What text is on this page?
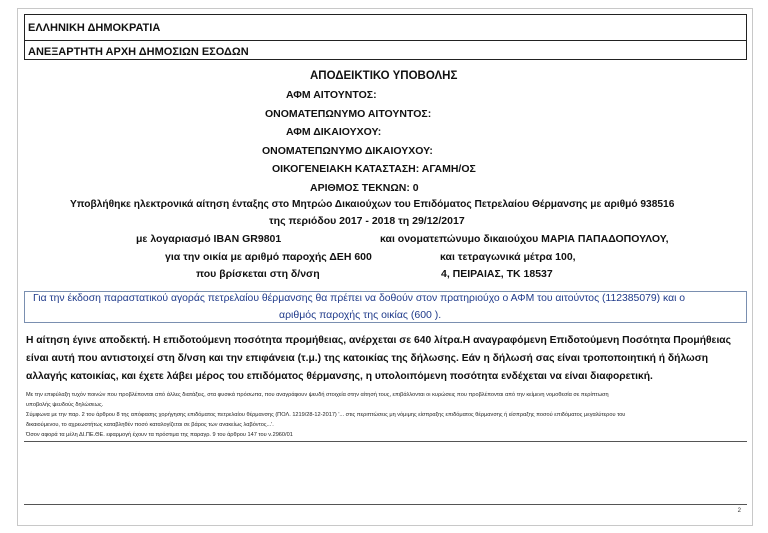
ΕΛΛΗΝΙΚΗ ΔΗΜΟΚΡΑΤΙΑ
ΑΝΕΞΑΡΤΗΤΗ ΑΡΧΗ ΔΗΜΟΣΙΩΝ ΕΣΟΔΩΝ
ΑΠΟΔΕΙΚΤΙΚΟ ΥΠΟΒΟΛΗΣ
ΑΦΜ ΑΙΤΟΥΝΤΟΣ:
ΟΝΟΜΑΤΕΠΩΝΥΜΟ ΑΙΤΟΥΝΤΟΣ:
ΑΦΜ ΔΙΚΑΙΟΥΧΟΥ:
ΟΝΟΜΑΤΕΠΩΝΥΜΟ ΔΙΚΑΙΟΥΧΟΥ:
ΟΙΚΟΓΕΝΕΙΑΚΗ ΚΑΤΑΣΤΑΣΗ: ΑΓΑΜΗ/ΟΣ
ΑΡΙΘΜΟΣ ΤΕΚΝΩΝ: 0
Υποβλήθηκε ηλεκτρονικά αίτηση ένταξης στο Μητρώο Δικαιούχων του Επιδόματος Πετρελαίου Θέρμανσης με αριθμό 938516
της περιόδου 2017 - 2018 τη 29/12/2017
με λογαριασμό IBAN GR9801	και ονοματεπώνυμο δικαιούχου ΜΑΡΙΑ ΠΑΠΑΔΟΠΟΥΛΟΥ,
για την οικία με αριθμό παροχής ΔΕΗ 600	και τετραγωνικά μέτρα 100,
που βρίσκεται στη δ/νση	4, ΠΕΙΡΑΙΑΣ, ΤΚ 18537
Για την έκδοση παραστατικού αγοράς πετρελαίου θέρμανσης θα πρέπει να δοθούν στον πρατηριούχο ο ΑΦΜ του αιτούντος (112385079) και ο
αριθμός παροχής της οικίας (600 ).
Η αίτηση έγινε αποδεκτή. Η επιδοτούμενη ποσότητα προμήθειας, ανέρχεται σε 640 λίτρα.Η αναγραφόμενη Επιδοτούμενη Ποσότητα Προμήθειας
είναι αυτή που αντιστοιχεί στη δ/νση και την επιφάνεια (τ.μ.) της κατοικίας της δήλωσης. Εάν η δήλωσή σας είναι τροποποιητική ή δήλωση
αλλαγής κατοικίας, και έχετε λάβει μέρος του επιδόματος θέρμανσης, η υπολοιπόμενη ποσότητα ενδέχεται να είναι διαφορετική.
Με την επιφύλαξη τυχόν ποινών που προβλέπονται από άλλες διατάξεις, στα φυσικά πρόσωπα, που αναγράφουν ψευδή στοιχεία στην αίτησή τους, επιβάλλονται οι κυρώσεις που προβλέπονται από την κείμενη νομοθεσία σε περίπτωση
υποβολής ψευδούς δηλώσεως.
Σύμφωνα με την παρ. 2 του άρθρου 8 της απόφασης χορήγησης επιδόματος πετρελαίου θέρμανσης (ΠΟΛ. 1219/28-12-2017) '... στις περιπτώσεις μη νόμιμης είσπραξης επιδόματος θέρμανσης ή είσπραξης ποσού επιδόματος μεγαλύτερου του
δικαιούμενου, το αχρεωστήτως καταβληθέν ποσό καταλογίζεται σε βάρος των ανακείως λαβόντος...'.
Όσον αφορά τα μέλη ΔΙ.ΠΕ.ΘΕ. εφαρμογή έχουν τα πρόστιμα της παραγρ. 9 του άρθρου 147 του ν.2960/01
2
